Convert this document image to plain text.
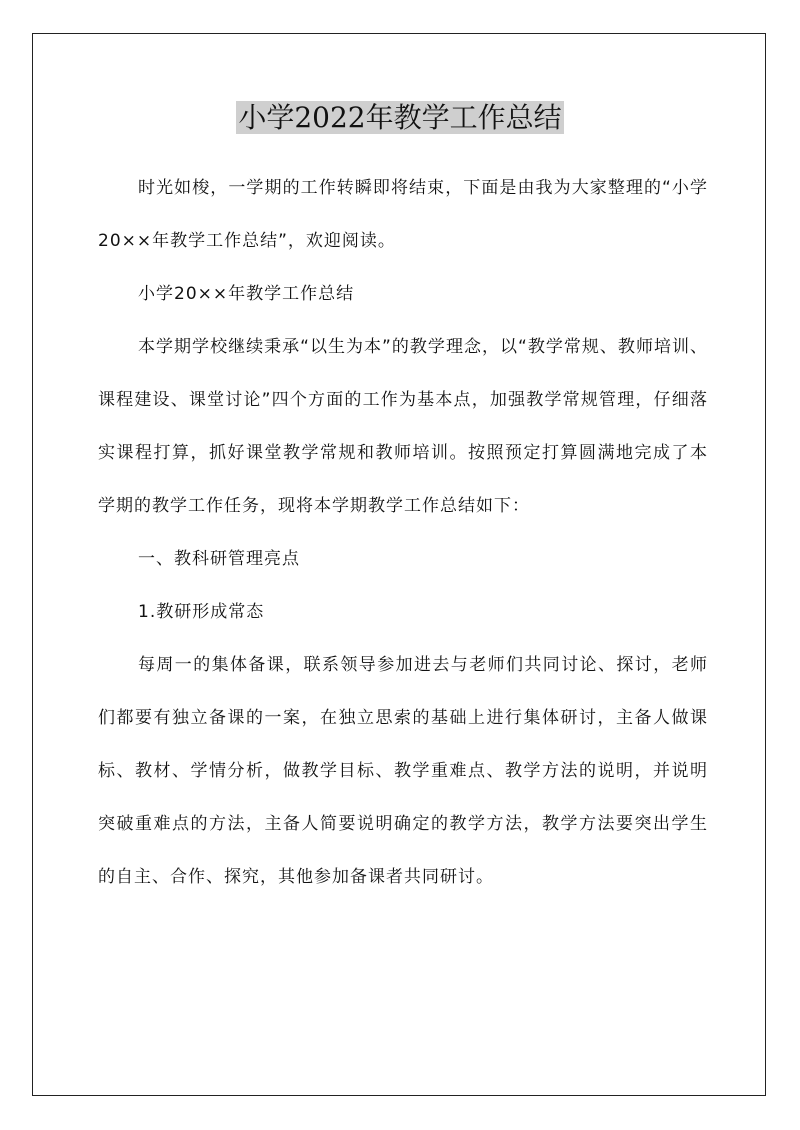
小学2022年教学工作总结

时光如梭，一学期的工作转瞬即将结束，下面是由我为大家整理的“小学20××年教学工作总结”，欢迎阅读。

小学20××年教学工作总结

本学期学校继续秉承“以生为本”的教学理念，以“教学常规、教师培训、课程建设、课堂讨论”四个方面的工作为基本点，加强教学常规管理，仔细落实课程打算，抓好课堂教学常规和教师培训。按照预定打算圆满地完成了本学期的教学工作任务，现将本学期教学工作总结如下：

一、教科研管理亮点

1.教研形成常态

每周一的集体备课，联系领导参加进去与老师们共同讨论、探讨，老师们都要有独立备课的一案，在独立思索的基础上进行集体研讨，主备人做课标、教材、学情分析，做教学目标、教学重难点、教学方法的说明，并说明突破重难点的方法，主备人简要说明确定的教学方法，教学方法要突出学生的自主、合作、探究，其他参加备课者共同研讨。
